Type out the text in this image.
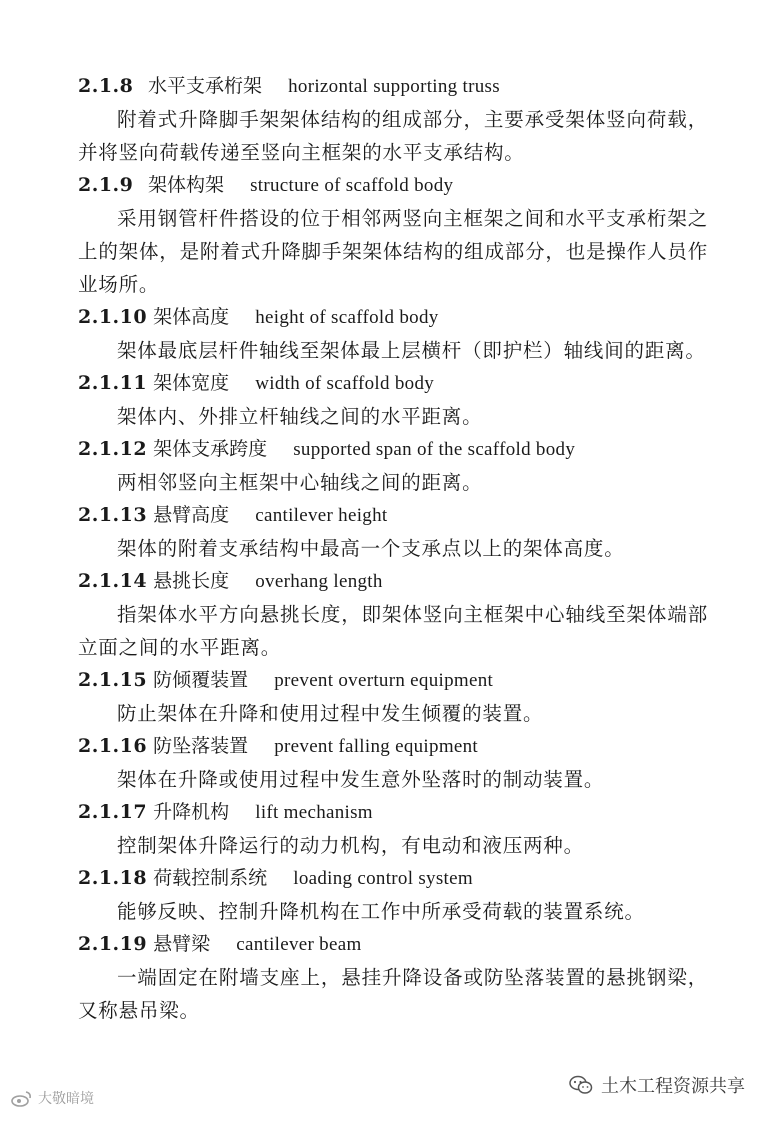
2.1.8 水平支承桁架 horizontal supporting truss
附着式升降脚手架架体结构的组成部分，主要承受架体竖向荷载，并将竖向荷载传递至竖向主框架的水平支承结构。
2.1.9 架体构架 structure of scaffold body
采用钢管杆件搭设的位于相邻两竖向主框架之间和水平支承桁架之上的架体，是附着式升降脚手架架体结构的组成部分，也是操作人员作业场所。
2.1.10 架体高度 height of scaffold body
架体最底层杆件轴线至架体最上层横杆（即护栏）轴线间的距离。
2.1.11 架体宽度 width of scaffold body
架体内、外排立杆轴线之间的水平距离。
2.1.12 架体支承跨度 supported span of the scaffold body
两相邻竖向主框架中心轴线之间的距离。
2.1.13 悬臂高度 cantilever height
架体的附着支承结构中最高一个支承点以上的架体高度。
2.1.14 悬挑长度 overhang length
指架体水平方向悬挑长度，即架体竖向主框架中心轴线至架体端部立面之间的水平距离。
2.1.15 防倾覆装置 prevent overturn equipment
防止架体在升降和使用过程中发生倾覆的装置。
2.1.16 防坠落装置 prevent falling equipment
架体在升降或使用过程中发生意外坠落时的制动装置。
2.1.17 升降机构 lift mechanism
控制架体升降运行的动力机构，有电动和液压两种。
2.1.18 荷载控制系统 loading control system
能够反映、控制升降机构在工作中所承受荷载的装置系统。
2.1.19 悬臂梁 cantilever beam
一端固定在附墙支座上，悬挂升降设备或防坠落装置的悬挑钢梁，又称悬吊梁。
大敬暗境
土木工程资源共享
